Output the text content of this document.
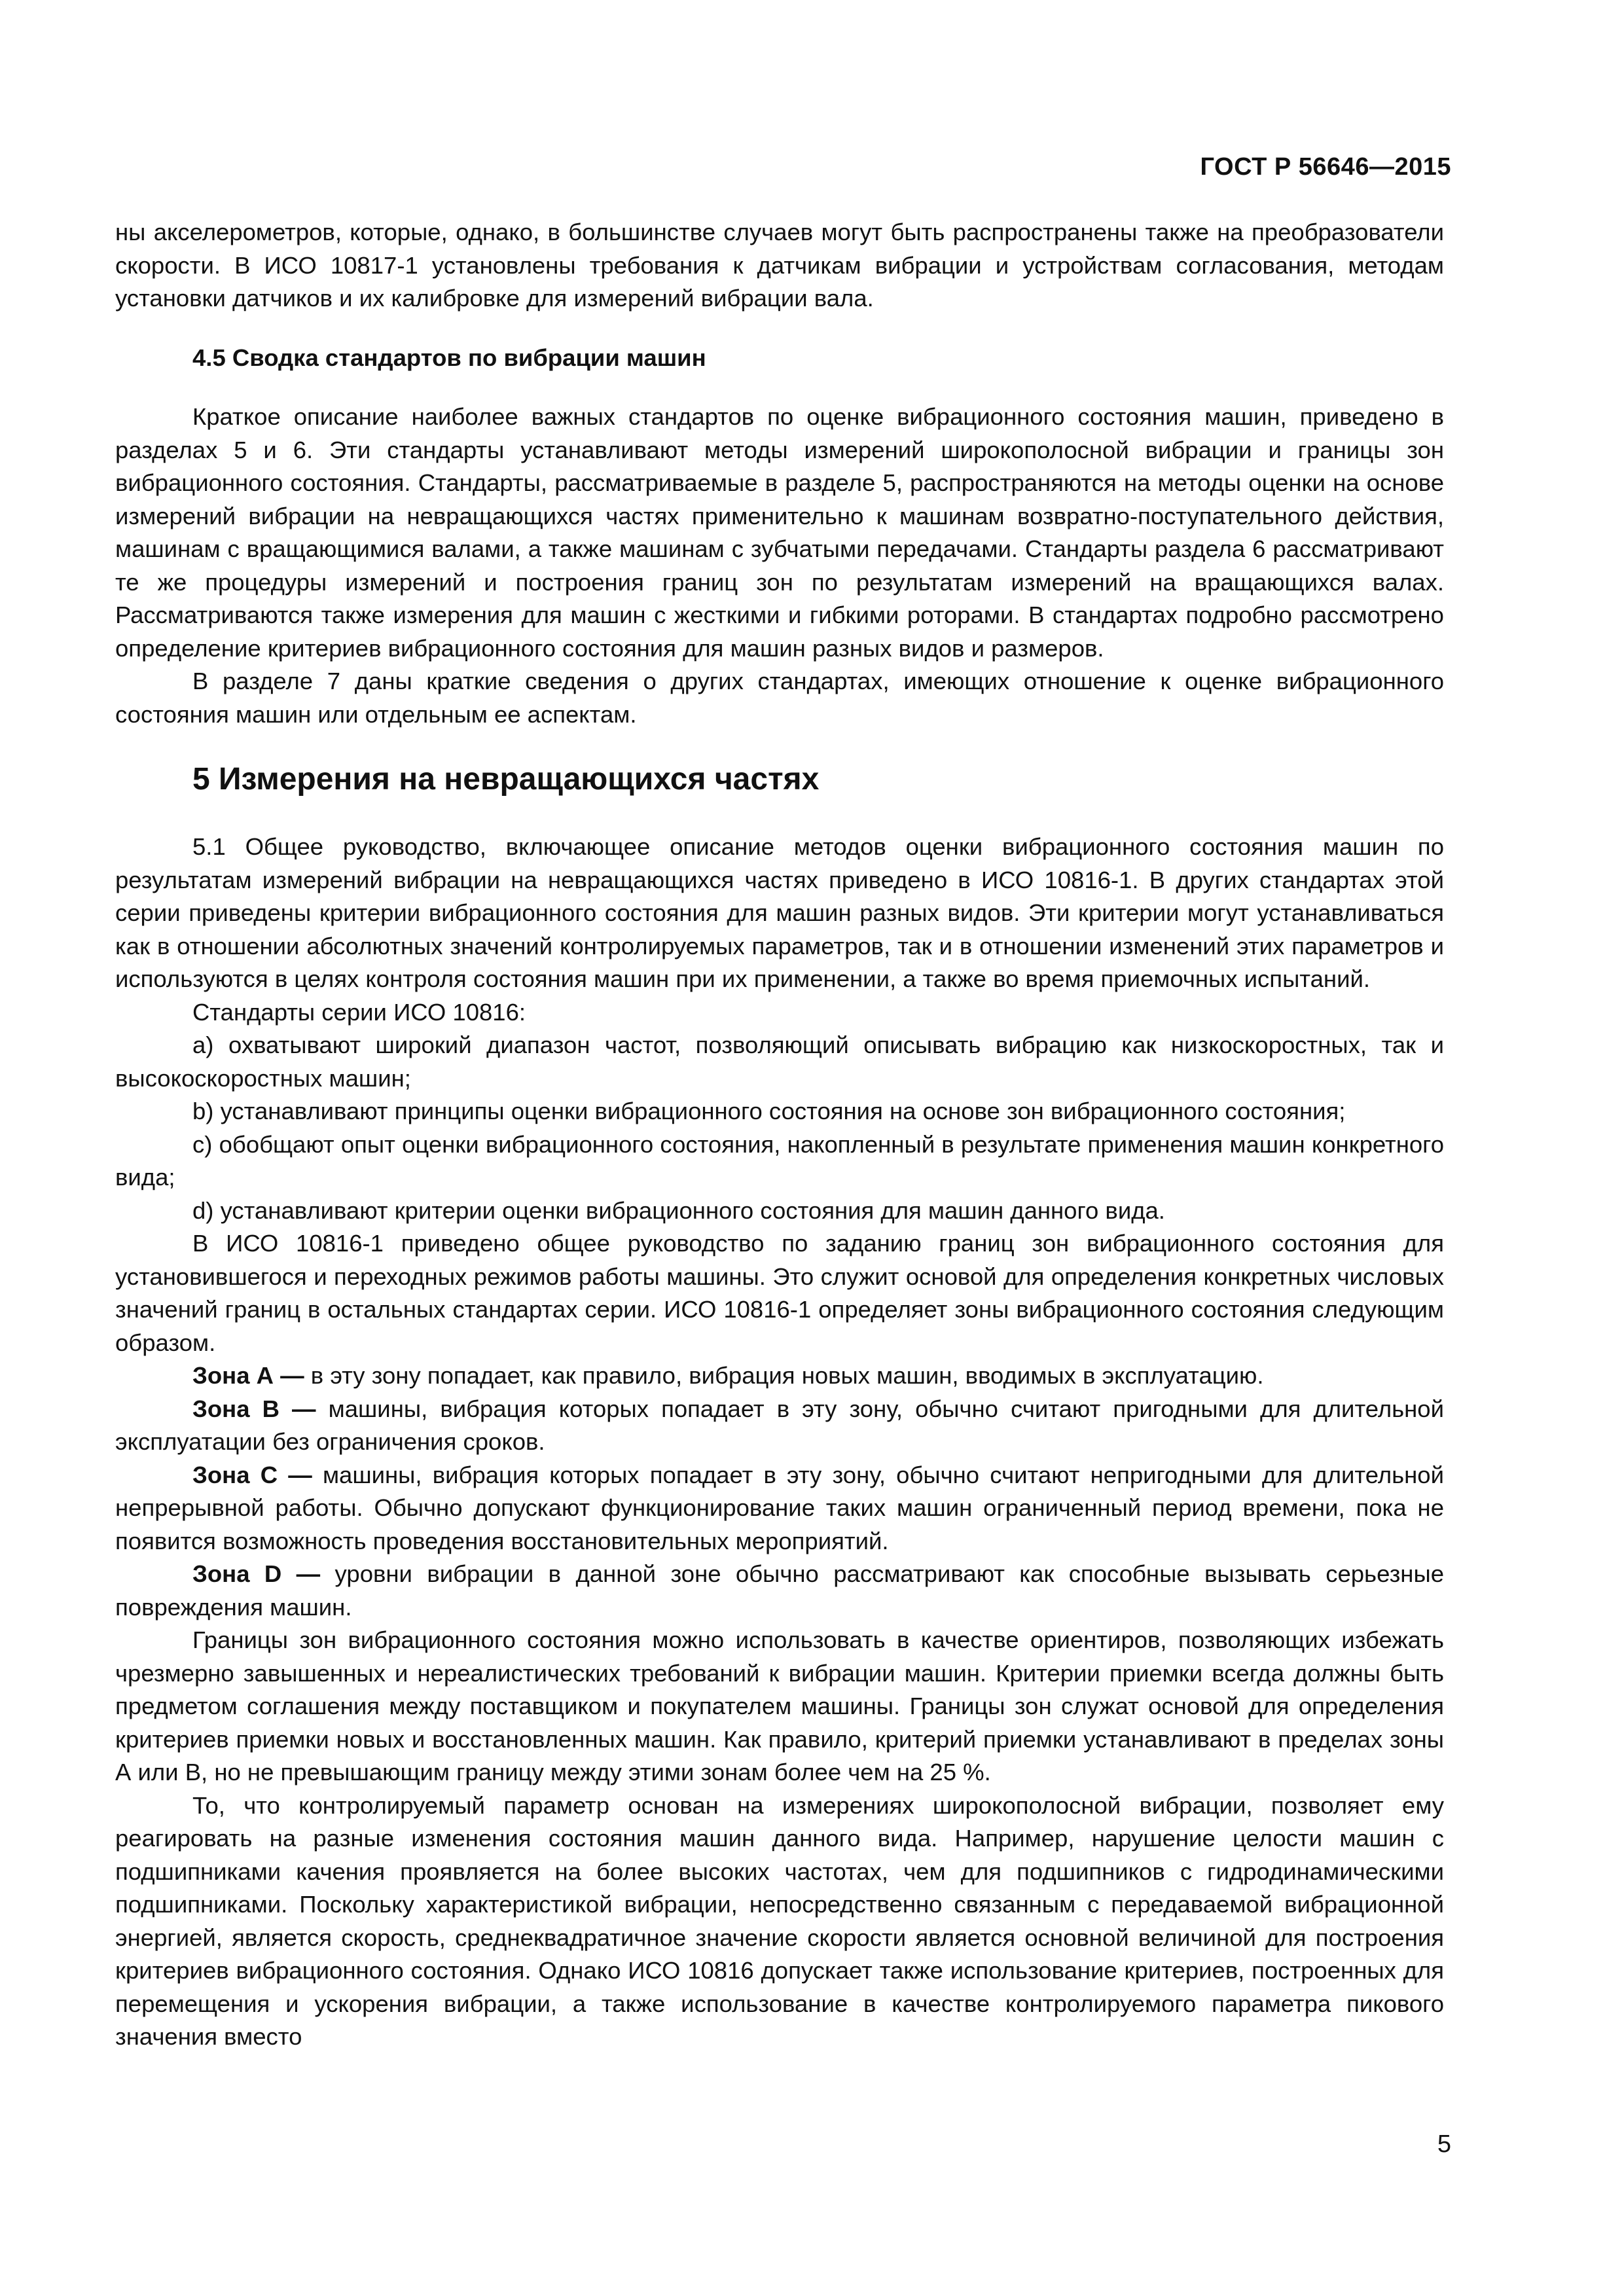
ГОСТ Р 56646—2015

ны акселерометров, которые, однако, в большинстве случаев могут быть распространены также на преобразователи скорости. В ИСО 10817-1 установлены требования к датчикам вибрации и устройствам согласования, методам установки датчиков и их калибровке для измерений вибрации вала.

4.5 Сводка стандартов по вибрации машин

Краткое описание наиболее важных стандартов по оценке вибрационного состояния машин, приведено в разделах 5 и 6. Эти стандарты устанавливают методы измерений широкополосной вибрации и границы зон вибрационного состояния. Стандарты, рассматриваемые в разделе 5, распространяются на методы оценки на основе измерений вибрации на невращающихся частях применительно к машинам возвратно-поступательного действия, машинам с вращающимися валами, а также машинам с зубчатыми передачами. Стандарты раздела 6 рассматривают те же процедуры измерений и построения границ зон по результатам измерений на вращающихся валах. Рассматриваются также измерения для машин с жесткими и гибкими роторами. В стандартах подробно рассмотрено определение критериев вибрационного состояния для машин разных видов и размеров.

В разделе 7 даны краткие сведения о других стандартах, имеющих отношение к оценке вибрационного состояния машин или отдельным ее аспектам.

5 Измерения на невращающихся частях

5.1 Общее руководство, включающее описание методов оценки вибрационного состояния машин по результатам измерений вибрации на невращающихся частях приведено в ИСО 10816-1. В других стандартах этой серии приведены критерии вибрационного состояния для машин разных видов. Эти критерии могут устанавливаться как в отношении абсолютных значений контролируемых параметров, так и в отношении изменений этих параметров и используются в целях контроля состояния машин при их применении, а также во время приемочных испытаний.

Стандарты серии ИСО 10816:

а) охватывают широкий диапазон частот, позволяющий описывать вибрацию как низкоскоростных, так и высокоскоростных машин;

b) устанавливают принципы оценки вибрационного состояния на основе зон вибрационного состояния;

c) обобщают опыт оценки вибрационного состояния, накопленный в результате применения машин конкретного вида;

d) устанавливают критерии оценки вибрационного состояния для машин данного вида.

В ИСО 10816-1 приведено общее руководство по заданию границ зон вибрационного состояния для установившегося и переходных режимов работы машины. Это служит основой для определения конкретных числовых значений границ в остальных стандартах серии. ИСО 10816-1 определяет зоны вибрационного состояния следующим образом.

Зона А — в эту зону попадает, как правило, вибрация новых машин, вводимых в эксплуатацию.

Зона В — машины, вибрация которых попадает в эту зону, обычно считают пригодными для длительной эксплуатации без ограничения сроков.

Зона С — машины, вибрация которых попадает в эту зону, обычно считают непригодными для длительной непрерывной работы. Обычно допускают функционирование таких машин ограниченный период времени, пока не появится возможность проведения восстановительных мероприятий.

Зона D — уровни вибрации в данной зоне обычно рассматривают как способные вызывать серьезные повреждения машин.

Границы зон вибрационного состояния можно использовать в качестве ориентиров, позволяющих избежать чрезмерно завышенных и нереалистических требований к вибрации машин. Критерии приемки всегда должны быть предметом соглашения между поставщиком и покупателем машины. Границы зон служат основой для определения критериев приемки новых и восстановленных машин. Как правило, критерий приемки устанавливают в пределах зоны А или В, но не превышающим границу между этими зонам более чем на 25 %.

То, что контролируемый параметр основан на измерениях широкополосной вибрации, позволяет ему реагировать на разные изменения состояния машин данного вида. Например, нарушение целости машин с подшипниками качения проявляется на более высоких частотах, чем для подшипников с гидродинамическими подшипниками. Поскольку характеристикой вибрации, непосредственно связанным с передаваемой вибрационной энергией, является скорость, среднеквадратичное значение скорости является основной величиной для построения критериев вибрационного состояния. Однако ИСО 10816 допускает также использование критериев, построенных для перемещения и ускорения вибрации, а также использование в качестве контролируемого параметра пикового значения вместо

5
